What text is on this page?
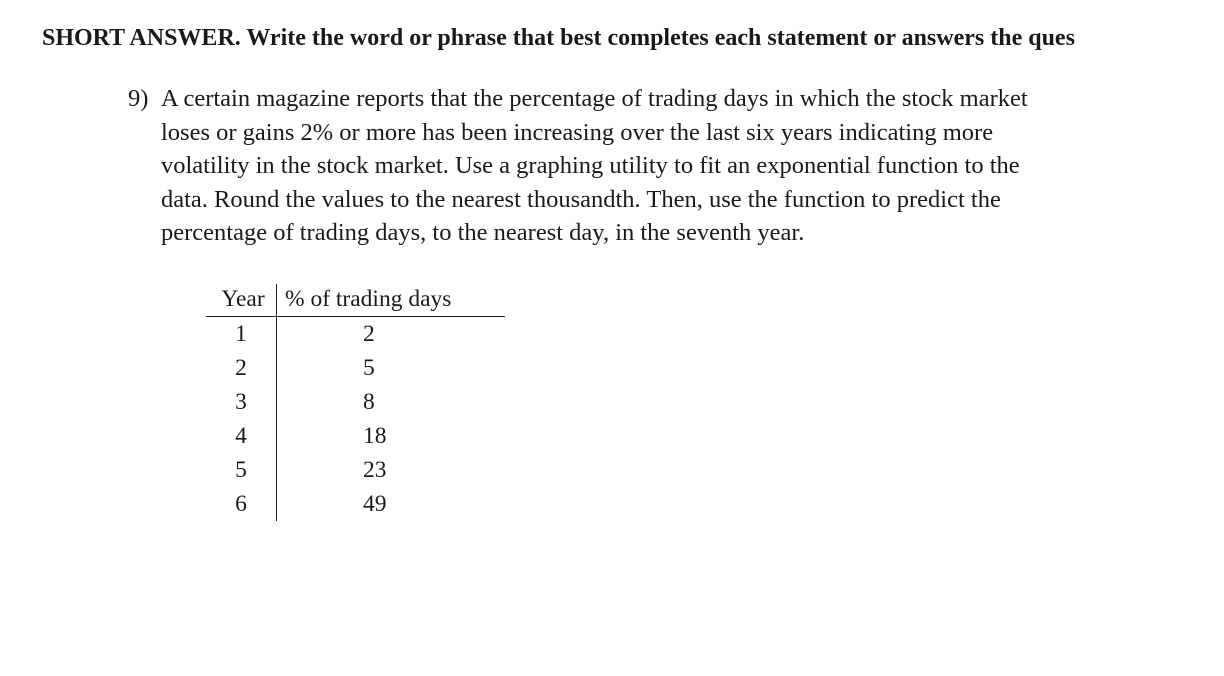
SHORT ANSWER. Write the word or phrase that best completes each statement or answers the ques
9) A certain magazine reports that the percentage of trading days in which the stock market
loses or gains 2% or more has been increasing over the last six years indicating more
volatility in the stock market. Use a graphing utility to fit an exponential function to the
data. Round the values to the nearest thousandth. Then, use the function to predict the
percentage of trading days, to the nearest day, in the seventh year.
Year	% of trading days
1	2
2	5
3	8
4	18
5	23
6	49
